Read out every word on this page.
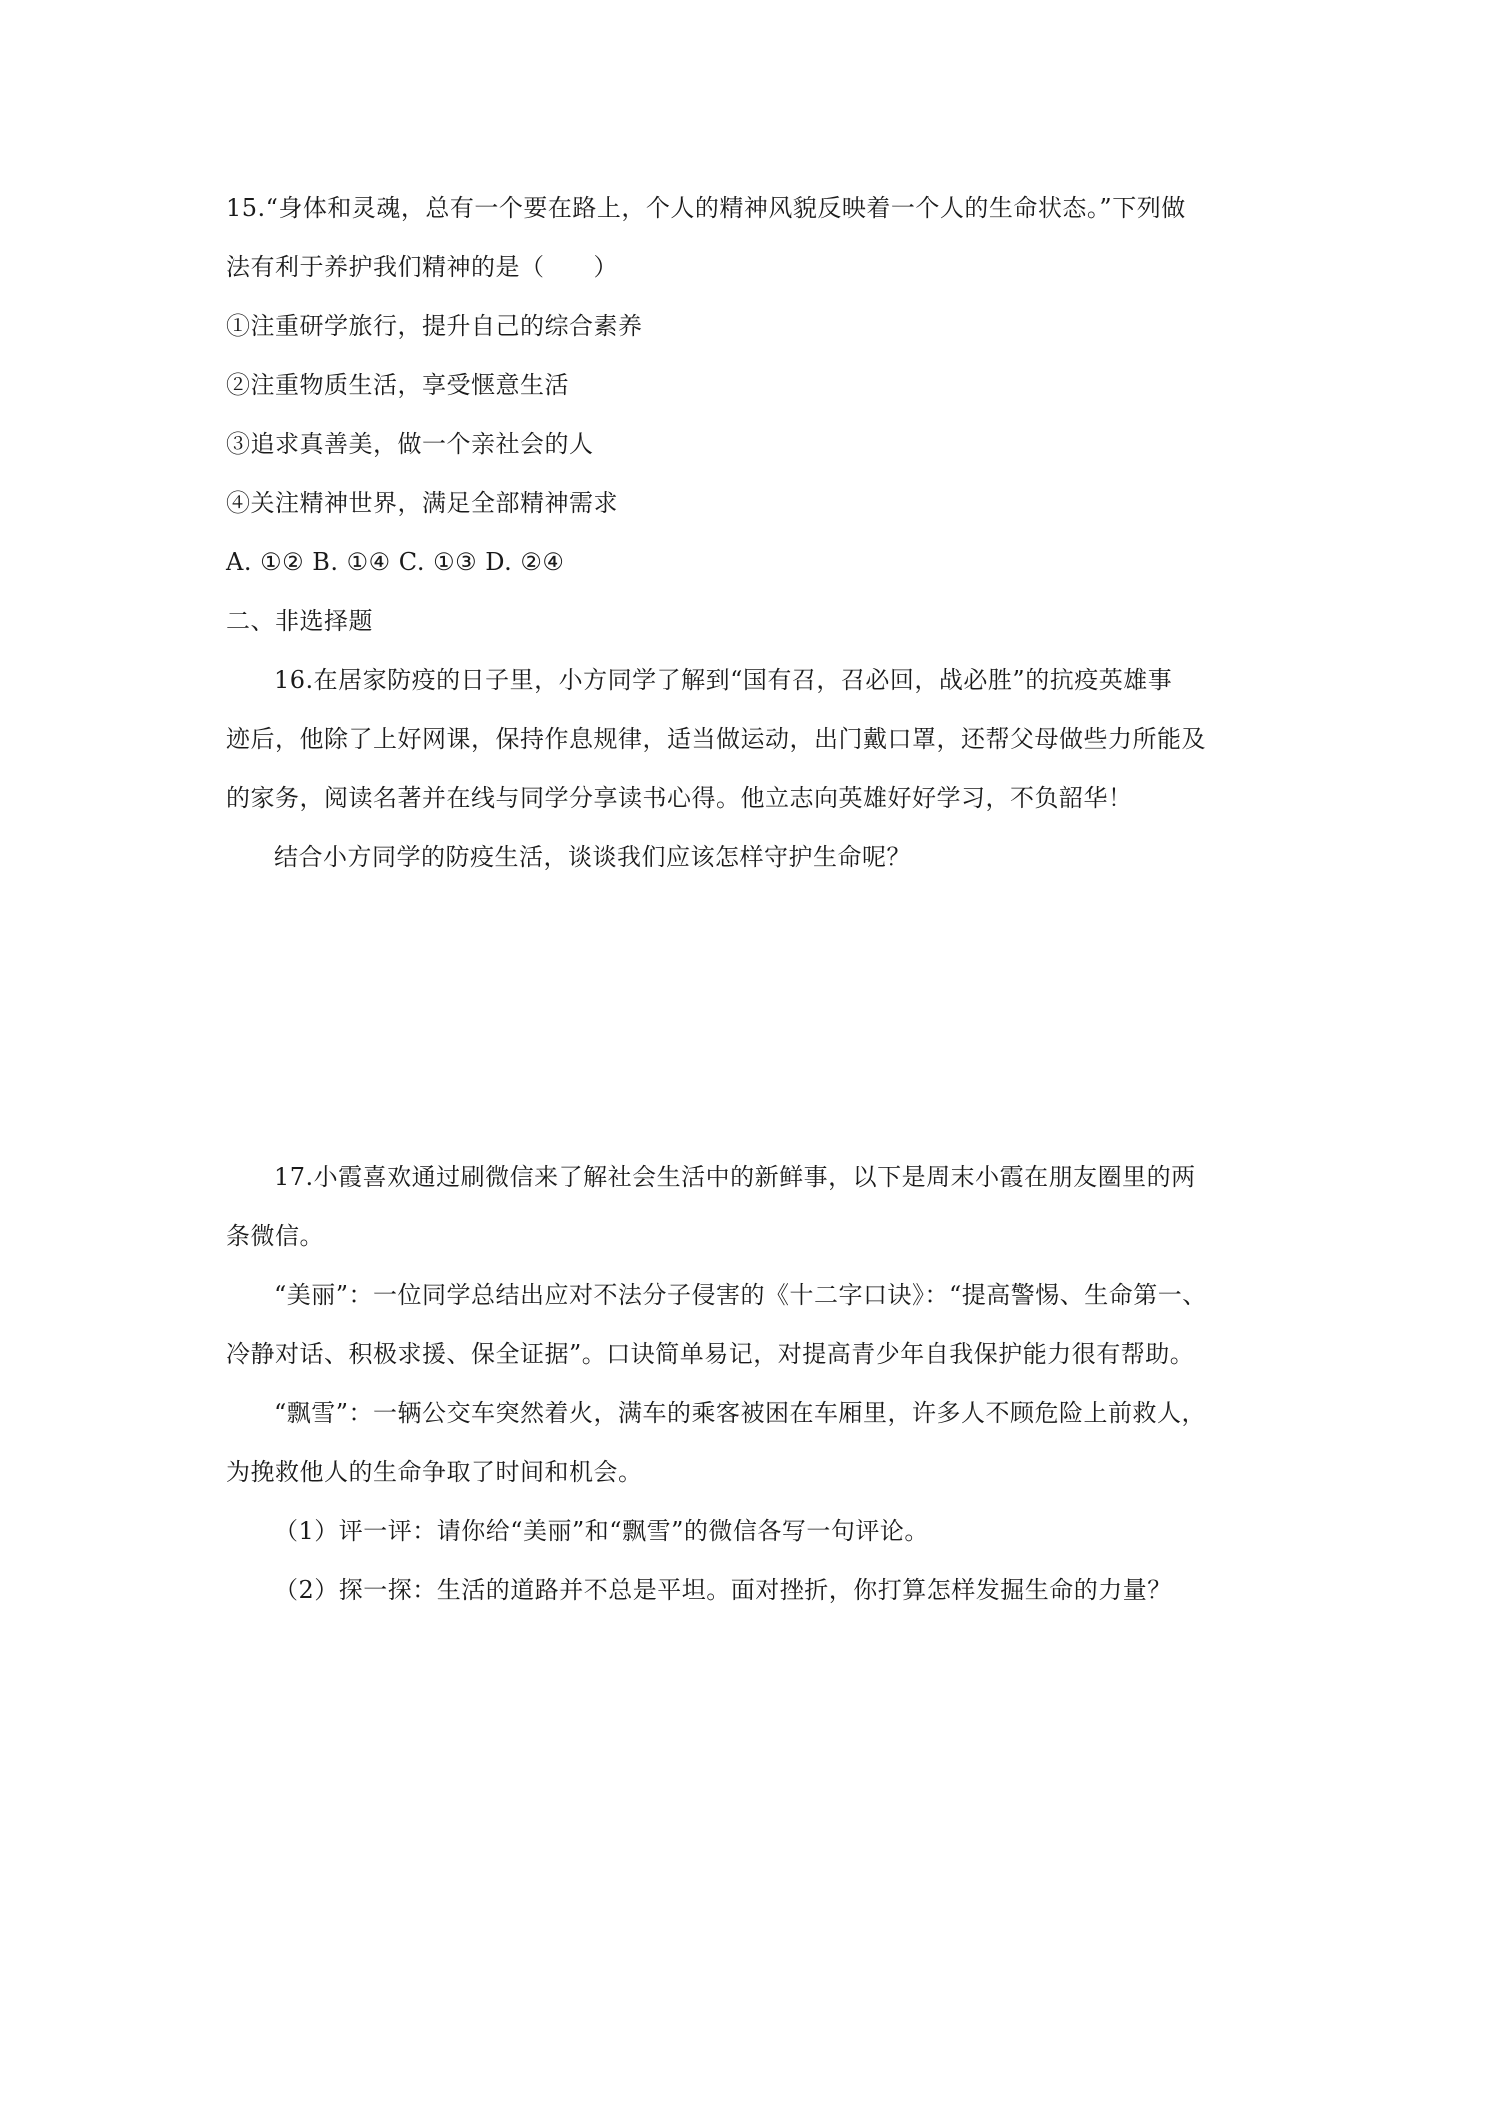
15.“身体和灵魂，总有一个要在路上，个人的精神风貌反映着一个人的生命状态。”下列做
法有利于养护我们精神的是（　　）
①注重研学旅行，提升自己的综合素养
②注重物质生活，享受惬意生活
③追求真善美，做一个亲社会的人
④关注精神世界，满足全部精神需求
A. ①② B. ①④ C. ①③ D. ②④
二、非选择题
16.在居家防疫的日子里，小方同学了解到“国有召，召必回，战必胜”的抗疫英雄事
迹后，他除了上好网课，保持作息规律，适当做运动，出门戴口罩，还帮父母做些力所能及
的家务，阅读名著并在线与同学分享读书心得。他立志向英雄好好学习，不负韶华！
结合小方同学的防疫生活，谈谈我们应该怎样守护生命呢？
17.小霞喜欢通过刷微信来了解社会生活中的新鲜事，以下是周末小霞在朋友圈里的两
条微信。
“美丽”：一位同学总结出应对不法分子侵害的《十二字口诀》：“提高警惕、生命第一、
冷静对话、积极求援、保全证据”。口诀简单易记，对提高青少年自我保护能力很有帮助。
“飘雪”：一辆公交车突然着火，满车的乘客被困在车厢里，许多人不顾危险上前救人，
为挽救他人的生命争取了时间和机会。
（1）评一评：请你给“美丽”和“飘雪”的微信各写一句评论。
（2）探一探：生活的道路并不总是平坦。面对挫折，你打算怎样发掘生命的力量？
